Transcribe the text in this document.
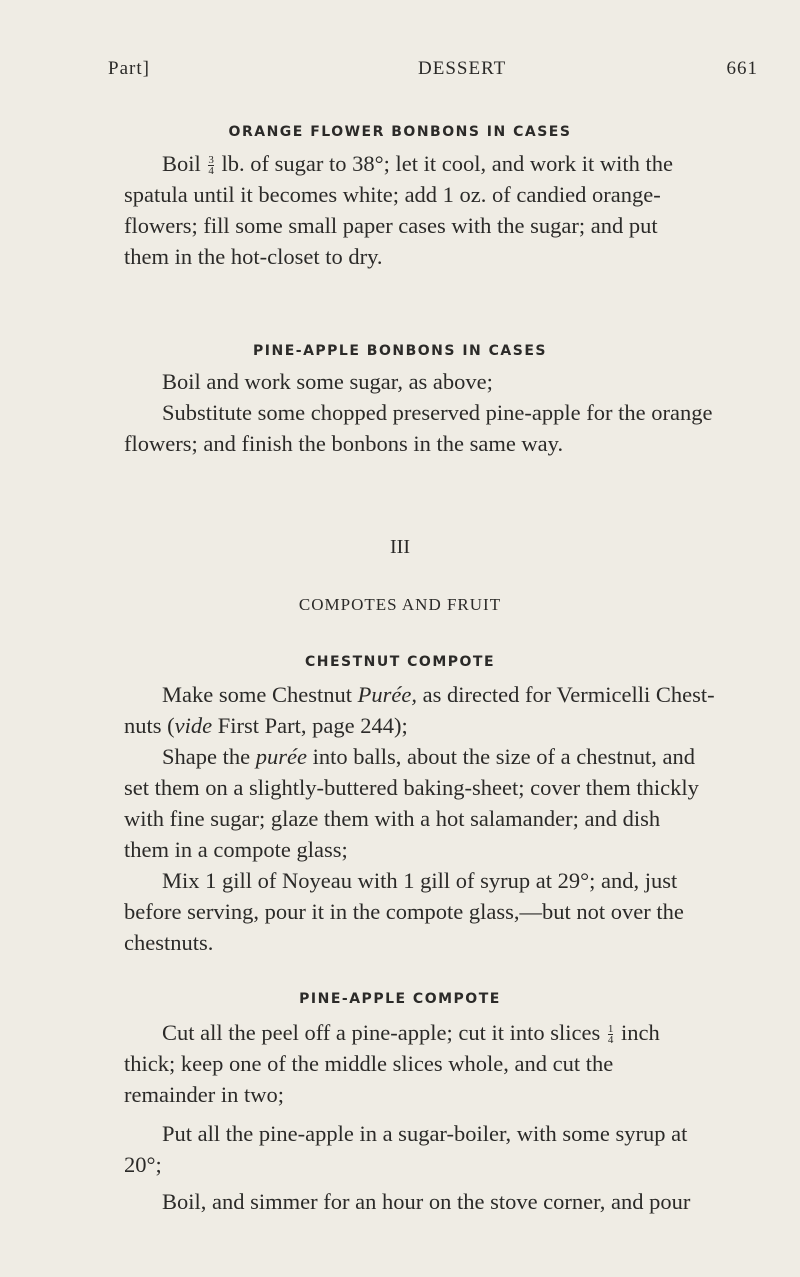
Part]	DESSERT	661
ORANGE FLOWER BONBONS IN CASES
Boil $\frac{3}{4}$ lb. of sugar to 38°; let it cool, and work it with the
spatula until it becomes white; add 1 oz. of candied orange-
flowers; fill some small paper cases with the sugar; and put
them in the hot-closet to dry.
PINE-APPLE BONBONS IN CASES
Boil and work some sugar, as above;
Substitute some chopped preserved pine-apple for the orange
flowers; and finish the bonbons in the same way.
III
COMPOTES AND FRUIT
CHESTNUT COMPOTE
Make some Chestnut Purée, as directed for Vermicelli Chest-
nuts (vide First Part, page 244);
Shape the purée into balls, about the size of a chestnut, and
set them on a slightly-buttered baking-sheet; cover them thickly
with fine sugar; glaze them with a hot salamander; and dish
them in a compote glass;
Mix 1 gill of Noyeau with 1 gill of syrup at 29°; and, just
before serving, pour it in the compote glass,—but not over the
chestnuts.
PINE-APPLE COMPOTE
Cut all the peel off a pine-apple; cut it into slices $\frac{1}{4}$ inch
thick; keep one of the middle slices whole, and cut the
remainder in two;
Put all the pine-apple in a sugar-boiler, with some syrup at
20°;
Boil, and simmer for an hour on the stove corner, and pour
